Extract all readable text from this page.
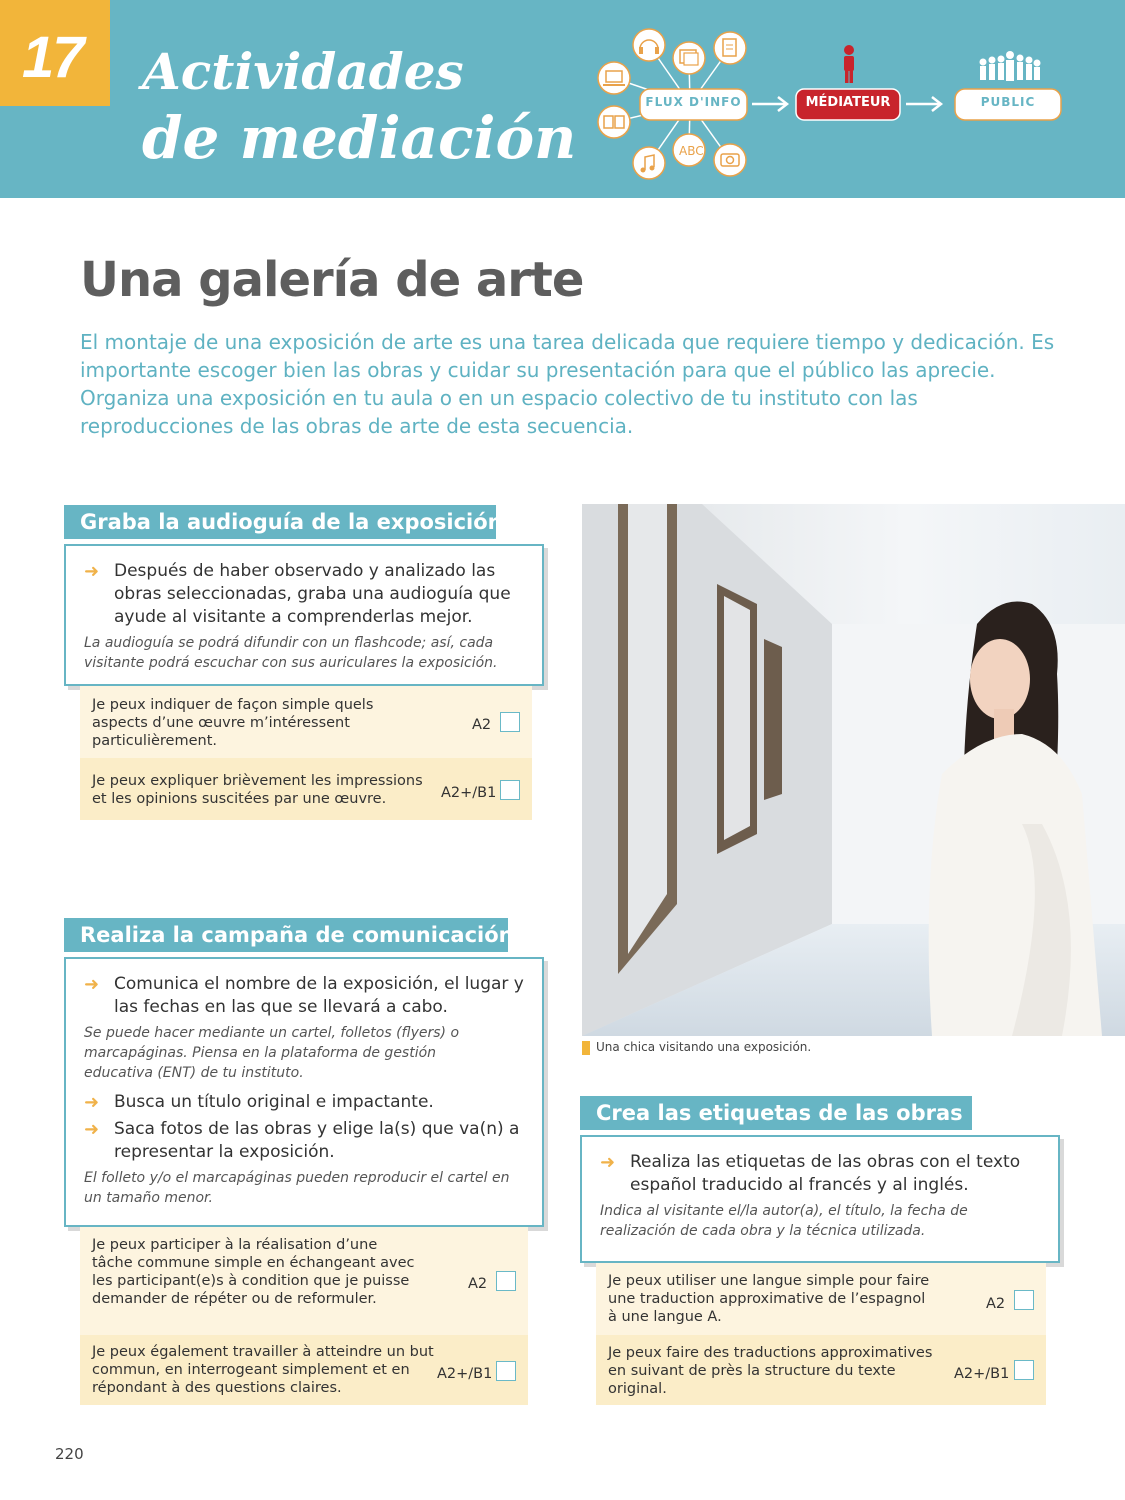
17 Actividades
de mediación	ABC
FLUX D'INFO	MÉDIATEUR	PUBLIC
Una galería de arte

El montaje de una exposición de arte es una tarea delicada que requiere tiempo y dedicación. Es importante escoger bien las obras y cuidar su presentación para que el público las aprecie. Organiza una exposición en tu aula o en un espacio colectivo de tu instituto con las reproducciones de las obras de arte de esta secuencia.

Graba la audioguía de la exposición
➜ Después de haber observado y analizado las obras seleccionadas, graba una audioguía que ayude al visitante a comprenderlas mejor.
La audioguía se podrá difundir con un flashcode; así, cada visitante podrá escuchar con sus auriculares la exposición.
Je peux indiquer de façon simple quels aspects d’une œuvre m’intéressent particulièrement.
A2
Je peux expliquer brièvement les impressions et les opinions suscitées par une œuvre.	A2+/B1
Realiza la campaña de comunicación
➜ Comunica el nombre de la exposición, el lugar y las fechas en las que se llevará a cabo.
Se puede hacer mediante un cartel, folletos (flyers) o marcapáginas. Piensa en la plataforma de gestión educativa (ENT) de tu instituto.
➜ Busca un título original e impactante.
➜ Saca fotos de las obras y elige la(s) que va(n) a representar la exposición.
El folleto y/o el marcapáginas pueden reproducir el cartel en un tamaño menor.
Je peux participer à la réalisation d’une tâche commune simple en échangeant avec les participant(e)s à condition que je puisse demander de répéter ou de reformuler.
A2
Je peux également travailler à atteindre un but commun, en interrogeant simplement et en répondant à des questions claires.
A2+/B1
Una chica visitando una exposición.
Crea las etiquetas de las obras
➜ Realiza las etiquetas de las obras con el texto español traducido al francés y al inglés.
Indica al visitante el/la autor(a), el título, la fecha de realización de cada obra y la técnica utilizada.
Je peux utiliser une langue simple pour faire une traduction approximative de l’espagnol à une langue A.
A2
Je peux faire des traductions approximatives en suivant de près la structure du texte original.
A2+/B1
220
